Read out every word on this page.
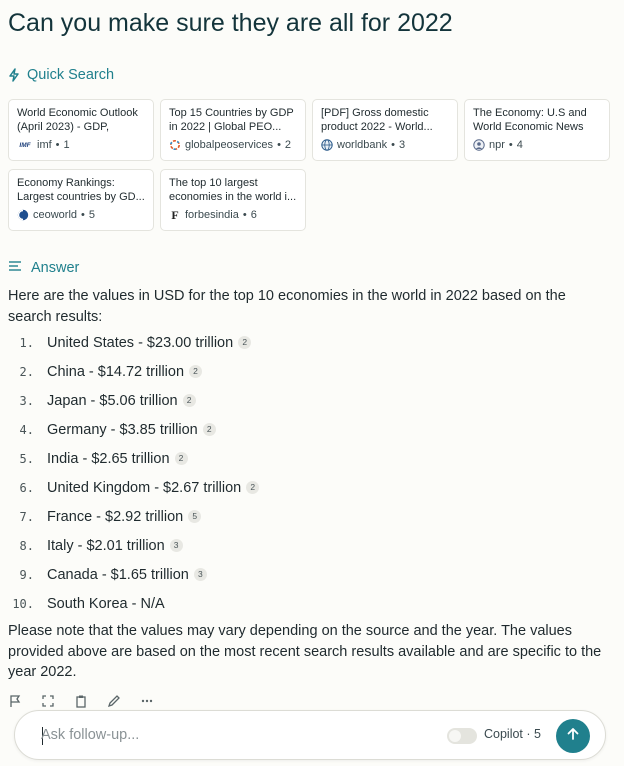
Can you make sure they are all for 2022
Quick Search
World Economic Outlook (April 2023) - GDP,
IMF imf • 1
Top 15 Countries by GDP in 2022 | Global PEO...
globalpeoservices • 2
[PDF] Gross domestic product 2022 - World...
worldbank • 3
The Economy: U.S and World Economic News
npr • 4
Economy Rankings: Largest countries by GD...
ceoworld • 5
The top 10 largest economies in the world i...
F forbesindia • 6
Answer
Here are the values in USD for the top 10 economies in the world in 2022 based on the search results:
1. United States - $23.00 trillion 2
2. China - $14.72 trillion 2
3. Japan - $5.06 trillion 2
4. Germany - $3.85 trillion 2
5. India - $2.65 trillion 2
6. United Kingdom - $2.67 trillion 2
7. France - $2.92 trillion 5
8. Italy - $2.01 trillion 3
9. Canada - $1.65 trillion 3
10. South Korea - N/A
Please note that the values may vary depending on the source and the year. The values provided above are based on the most recent search results available and are specific to the year 2022.
Ask follow-up...
Copilot · 5
